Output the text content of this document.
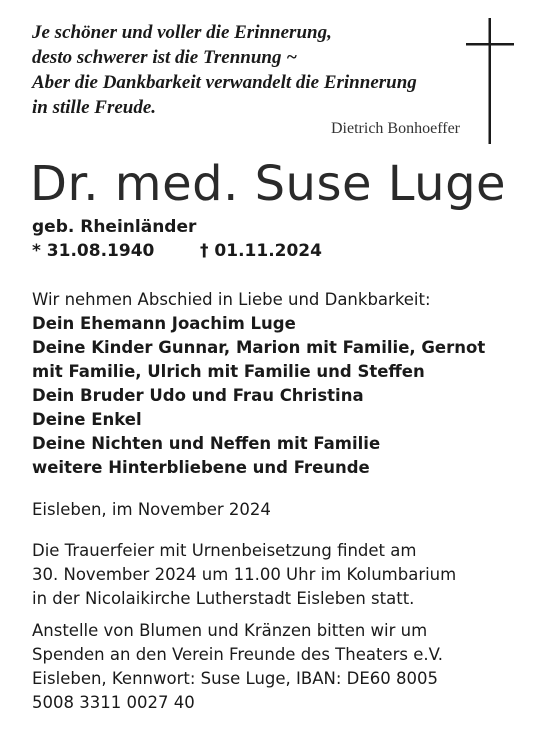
Je schöner und voller die Erinnerung,
desto schwerer ist die Trennung ~
Aber die Dankbarkeit verwandelt die Erinnerung
in stille Freude.
Dietrich Bonhoeffer
Dr. med. Suse Luge
geb. Rheinländer
* 31.08.1940	† 01.11.2024
Wir nehmen Abschied in Liebe und Dankbarkeit:
Dein Ehemann Joachim Luge
Deine Kinder Gunnar, Marion mit Familie, Gernot
mit Familie, Ulrich mit Familie und Steffen
Dein Bruder Udo und Frau Christina
Deine Enkel
Deine Nichten und Neffen mit Familie
weitere Hinterbliebene und Freunde
Eisleben, im November 2024
Die Trauerfeier mit Urnenbeisetzung findet am
30. November 2024 um 11.00 Uhr im Kolumbarium
in der Nicolaikirche Lutherstadt Eisleben statt.
Anstelle von Blumen und Kränzen bitten wir um
Spenden an den Verein Freunde des Theaters e.V.
Eisleben, Kennwort: Suse Luge, IBAN: DE60 8005
5008 3311 0027 40
